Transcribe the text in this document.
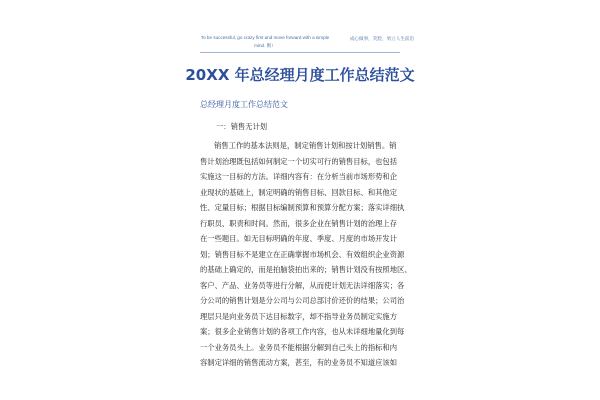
To be successful, go crazy first and move forward with a simple mind. 断）
成心做事，笑脸，勇立人生前沿
20XX 年总经理月度工作总结范文
总经理月度工作总结范文
一：销售无计划
销售工作的基本法则是，制定销售计划和按计划销售。销
售计划治理既包括如何制定一个切实可行的销售目标，也包括
实施这一目标的方法。详细内容有：在分析当前市场形势和企
业现状的基础上，制定明确的销售目标、回款目标、和其他定
性、定量目标；根据目标编制预算和预算分配方案；落实详细执
行职员、职责和时间。然而，很多企业在销售计划的治理上存
在一些题目。如无目标明确的年度、季度、月度的市场开发计
划；销售目标不是建立在正确掌握市场机会、有效组织企业资源
的基础上确定的，而是拍脑袋拍出来的；销售计划没有按照地区、
客户、产品、业务员等进行分解，从而使计划无法详细落实；各
分公司的销售计划是分公司与公司总部讨价还价的结果；公司治
理层只是向业务员下达目标数字，却不指导业务员制定实施方
案；很多企业销售计划的各项工作内容，也从未详细地量化到每
一个业务员头上。业务员不能根据分解到自己头上的指标和内
容制定详细的销售流动方案，甚至，有的业务员不知道应该如
